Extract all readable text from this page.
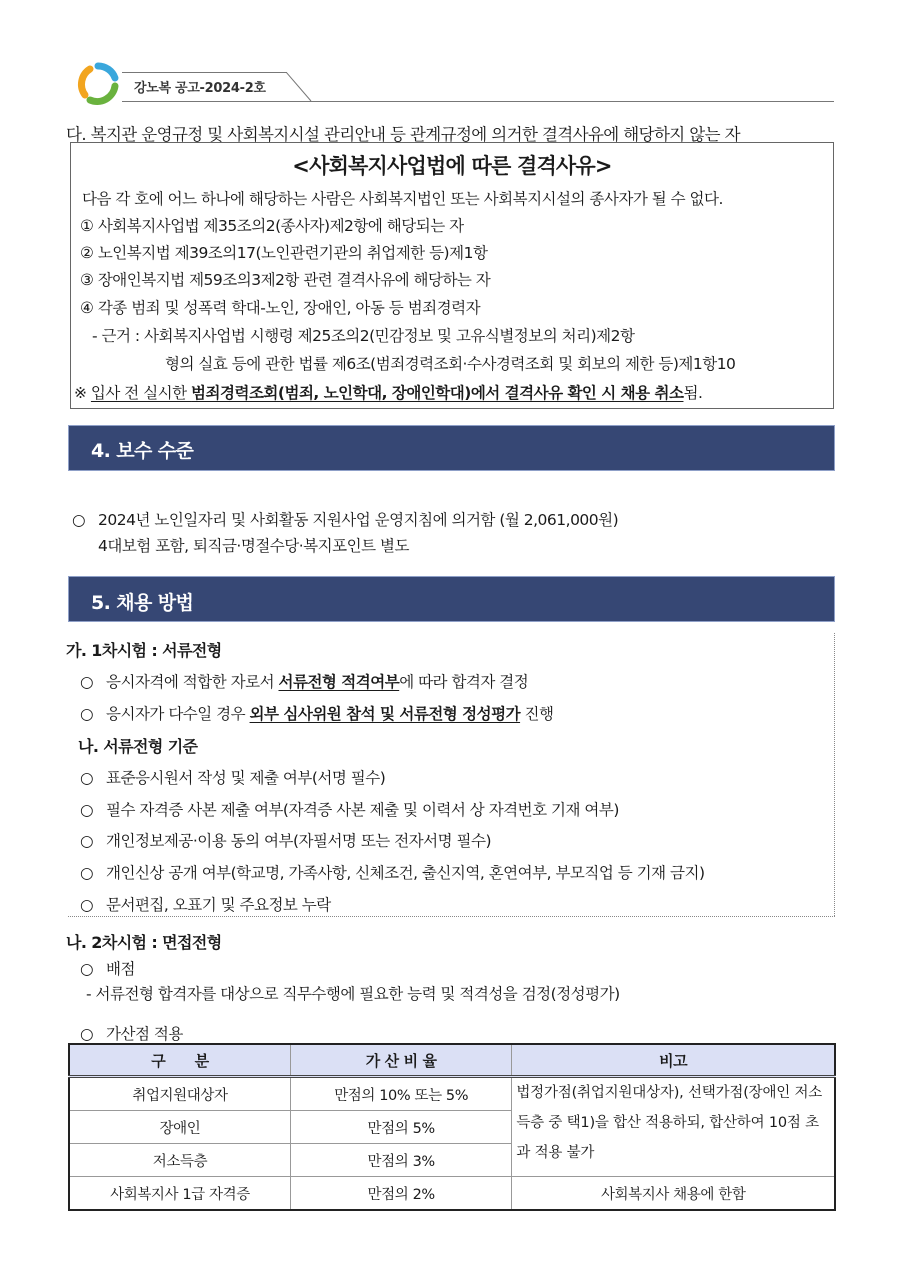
강노복 공고-2024-2호
다. 복지관 운영규정 및 사회복지시설 관리안내 등 관계규정에 의거한 결격사유에 해당하지 않는 자
<사회복지사업법에 따른 결격사유>
다음 각 호에 어느 하나에 해당하는 사람은 사회복지법인 또는 사회복지시설의 종사자가 될 수 없다.
① 사회복지사업법 제35조의2(종사자)제2항에 해당되는 자
② 노인복지법 제39조의17(노인관련기관의 취업제한 등)제1항
③ 장애인복지법 제59조의3제2항 관련 결격사유에 해당하는 자
④ 각종 범죄 및 성폭력 학대-노인, 장애인, 아동 등 범죄경력자
- 근거 : 사회복지사업법 시행령 제25조의2(민감정보 및 고유식별정보의 처리)제2항
형의 실효 등에 관한 법률 제6조(범죄경력조회·수사경력조회 및 회보의 제한 등)제1항10
※ 입사 전 실시한 범죄경력조회(범죄, 노인학대, 장애인학대)에서 결격사유 확인 시 채용 취소됨.
4. 보수 수준
○ 2024년 노인일자리 및 사회활동 지원사업 운영지침에 의거함 (월 2,061,000원)
4대보험 포함, 퇴직금·명절수당·복지포인트 별도
5. 채용 방법
가. 1차시험 : 서류전형
○ 응시자격에 적합한 자로서 서류전형 적격여부에 따라 합격자 결정
○ 응시자가 다수일 경우 외부 심사위원 참석 및 서류전형 정성평가 진행
나. 서류전형 기준
○ 표준응시원서 작성 및 제출 여부(서명 필수)
○ 필수 자격증 사본 제출 여부(자격증 사본 제출 및 이력서 상 자격번호 기재 여부)
○ 개인정보제공·이용 동의 여부(자필서명 또는 전자서명 필수)
○ 개인신상 공개 여부(학교명, 가족사항, 신체조건, 출신지역, 혼연여부, 부모직업 등 기재 금지)
○ 문서편집, 오표기 및 주요정보 누락
나. 2차시험 : 면접전형
○ 배점
- 서류전형 합격자를 대상으로 직무수행에 필요한 능력 및 적격성을 검정(정성평가)
○ 가산점 적용
구　　분	가 산 비 율	비고
취업지원대상자	만점의 10% 또는 5%	법정가점(취업지원대상자), 선택가점(장애인 저소득층 중 택1)을 합산 적용하되, 합산하여 10점 초과 적용 불가
장애인	만점의 5%	
저소득층	만점의 3%	
사회복지사 1급 자격증	만점의 2%	사회복지사 채용에 한함
